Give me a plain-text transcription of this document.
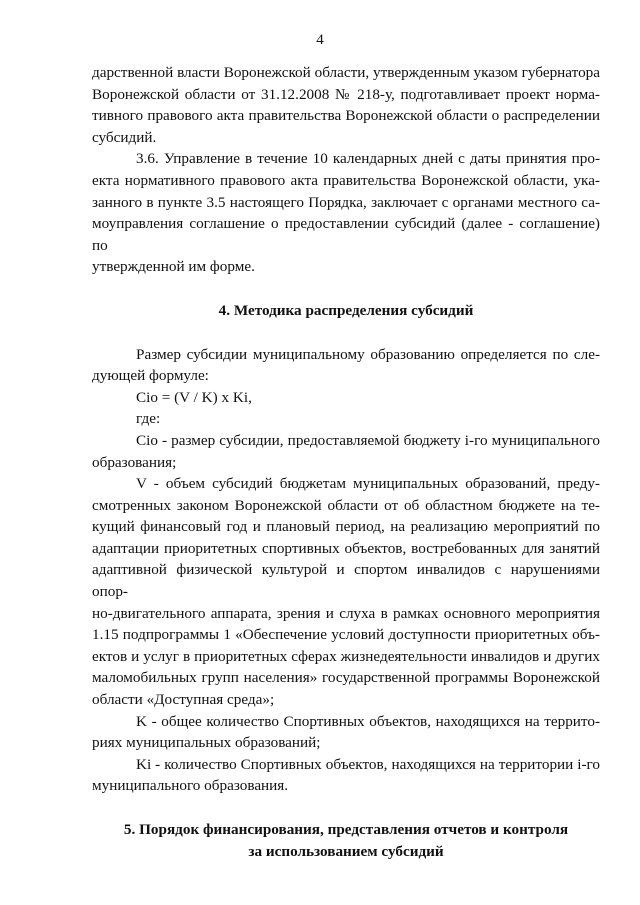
4
дарственной власти Воронежской области, утвержденным указом губернатора
Воронежской области от 31.12.2008 № 218-у, подготавливает проект норма-
тивного правового акта правительства Воронежской области о распределении
субсидий.
3.6. Управление в течение 10 календарных дней с даты принятия про-
екта нормативного правового акта правительства Воронежской области, ука-
занного в пункте 3.5 настоящего Порядка, заключает с органами местного са-
моуправления соглашение о предоставлении субсидий (далее - соглашение) по
утвержденной им форме.
4. Методика распределения субсидий
Размер субсидии муниципальному образованию определяется по сле-
дующей формуле:
Сio = (V / K) x Ki,
где:
Сio - размер субсидии, предоставляемой бюджету i-го муниципального
образования;
V - объем субсидий бюджетам муниципальных образований, преду-
смотренных законом Воронежской области от об областном бюджете на те-
кущий финансовый год и плановый период, на реализацию мероприятий по
адаптации приоритетных спортивных объектов, востребованных для занятий
адаптивной физической культурой и спортом инвалидов с нарушениями опор-
но-двигательного аппарата, зрения и слуха в рамках основного мероприятия
1.15 подпрограммы 1 «Обеспечение условий доступности приоритетных объ-
ектов и услуг в приоритетных сферах жизнедеятельности инвалидов и других
маломобильных групп населения» государственной программы Воронежской
области «Доступная среда»;
K - общее количество Спортивных объектов, находящихся на террито-
риях муниципальных образований;
Ki - количество Спортивных объектов, находящихся на территории i-го
муниципального образования.
5. Порядок финансирования, представления отчетов и контроля
за использованием субсидий
